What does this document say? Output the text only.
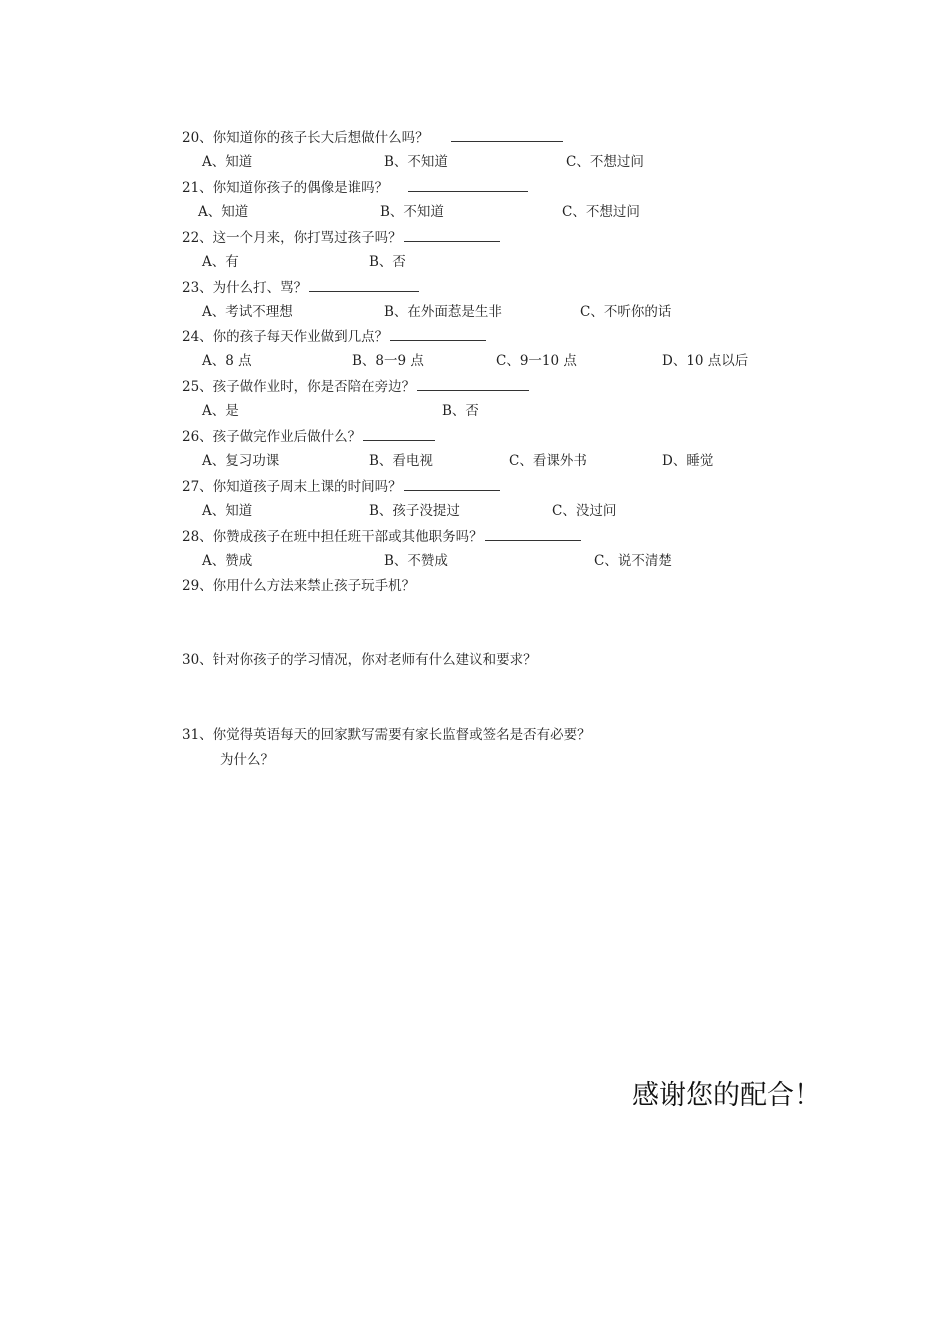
20、你知道你的孩子长大后想做什么吗？
A、知道	B、不知道	C、不想过问
21、你知道你孩子的偶像是谁吗？
A、知道	B、不知道	C、不想过问
22、这一个月来，你打骂过孩子吗？
A、有	B、否
23、为什么打、骂？
A、考试不理想	B、在外面惹是生非	C、不听你的话
24、你的孩子每天作业做到几点？
A、8 点	B、8一9 点	C、9一10 点	D、10 点以后
25、孩子做作业时，你是否陪在旁边？
A、是	B、否
26、孩子做完作业后做什么？
A、复习功课	B、看电视	C、看课外书	D、睡觉
27、你知道孩子周末上课的时间吗？
A、知道	B、孩子没提过	C、没过问
28、你赞成孩子在班中担任班干部或其他职务吗？
A、赞成	B、不赞成	C、说不清楚
29、你用什么方法来禁止孩子玩手机？
30、针对你孩子的学习情况，你对老师有什么建议和要求？
31、你觉得英语每天的回家默写需要有家长监督或签名是否有必要？
为什么？
感谢您的配合！
